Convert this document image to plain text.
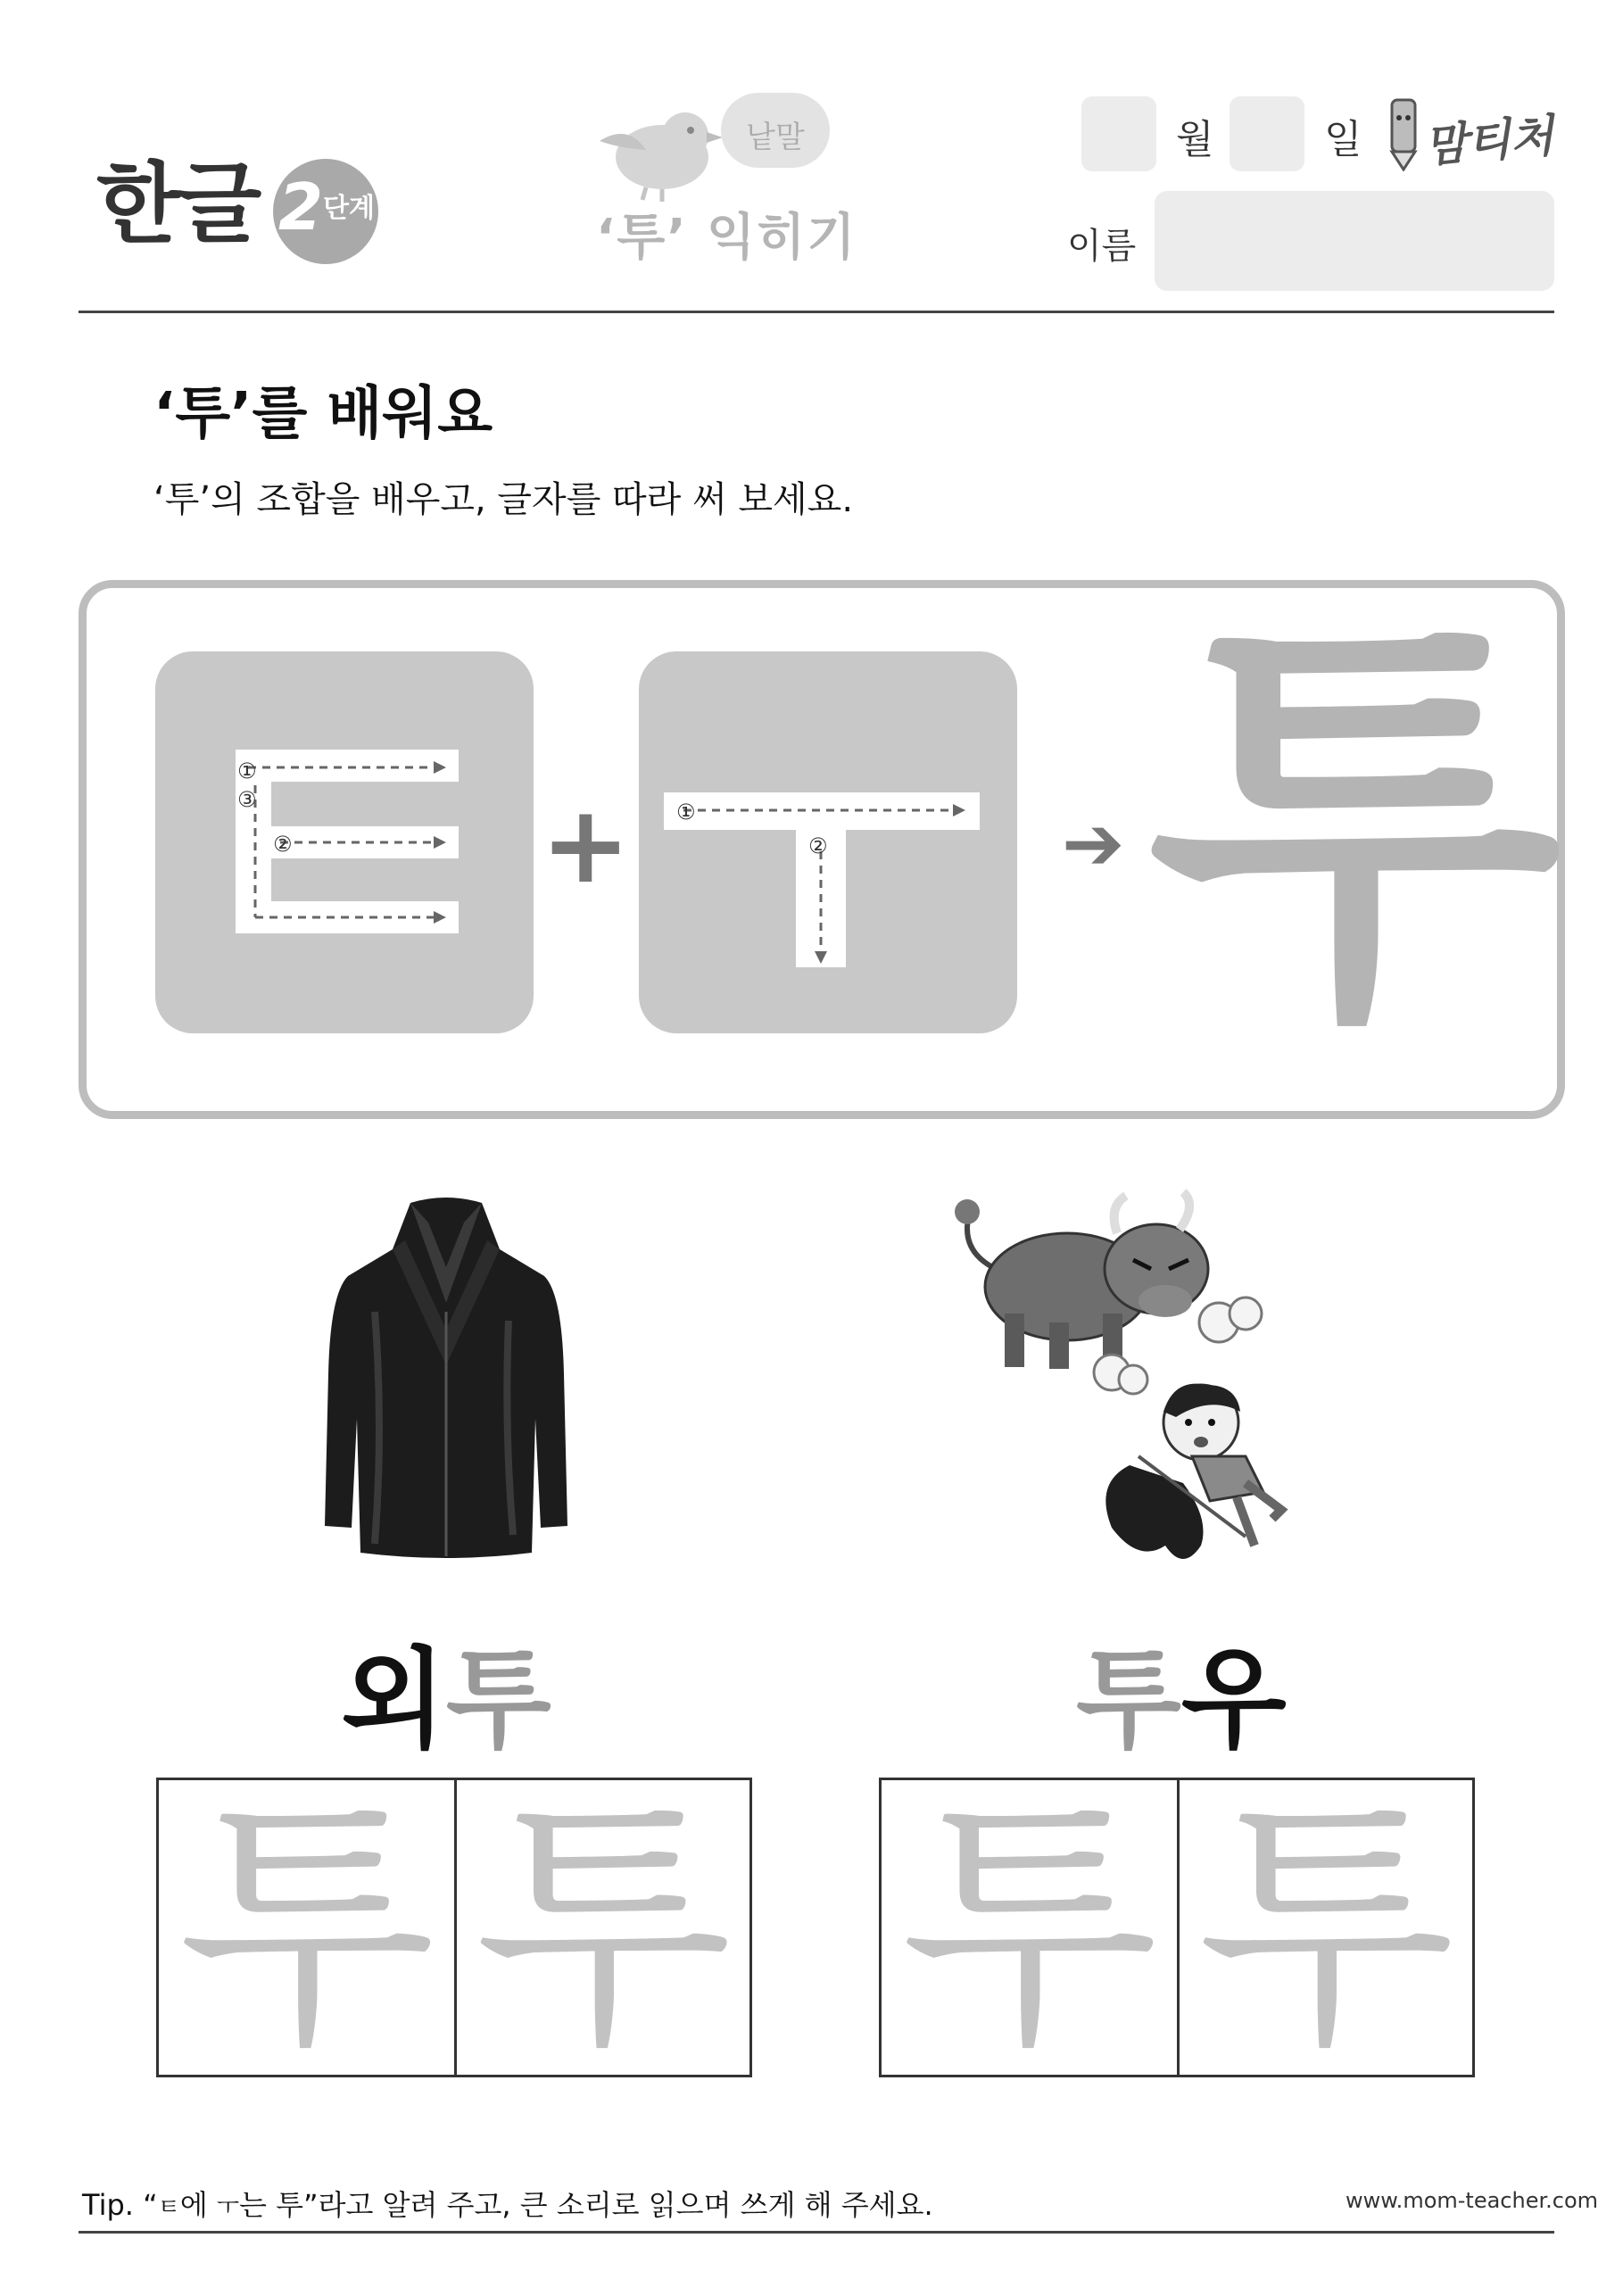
한글 2 단계
낱말
‘투’ 익히기
월	일 맘티처
이름
‘투’를 배워요
‘투’의 조합을 배우고, 글자를 따라 써 보세요.
①
③
② + ①
②	➔ 투
외투
투 투
투우
투 투
Tip. “ㅌ에 ㅜ는 투”라고 알려 주고, 큰 소리로 읽으며 쓰게 해 주세요.	www.mom-teacher.com
